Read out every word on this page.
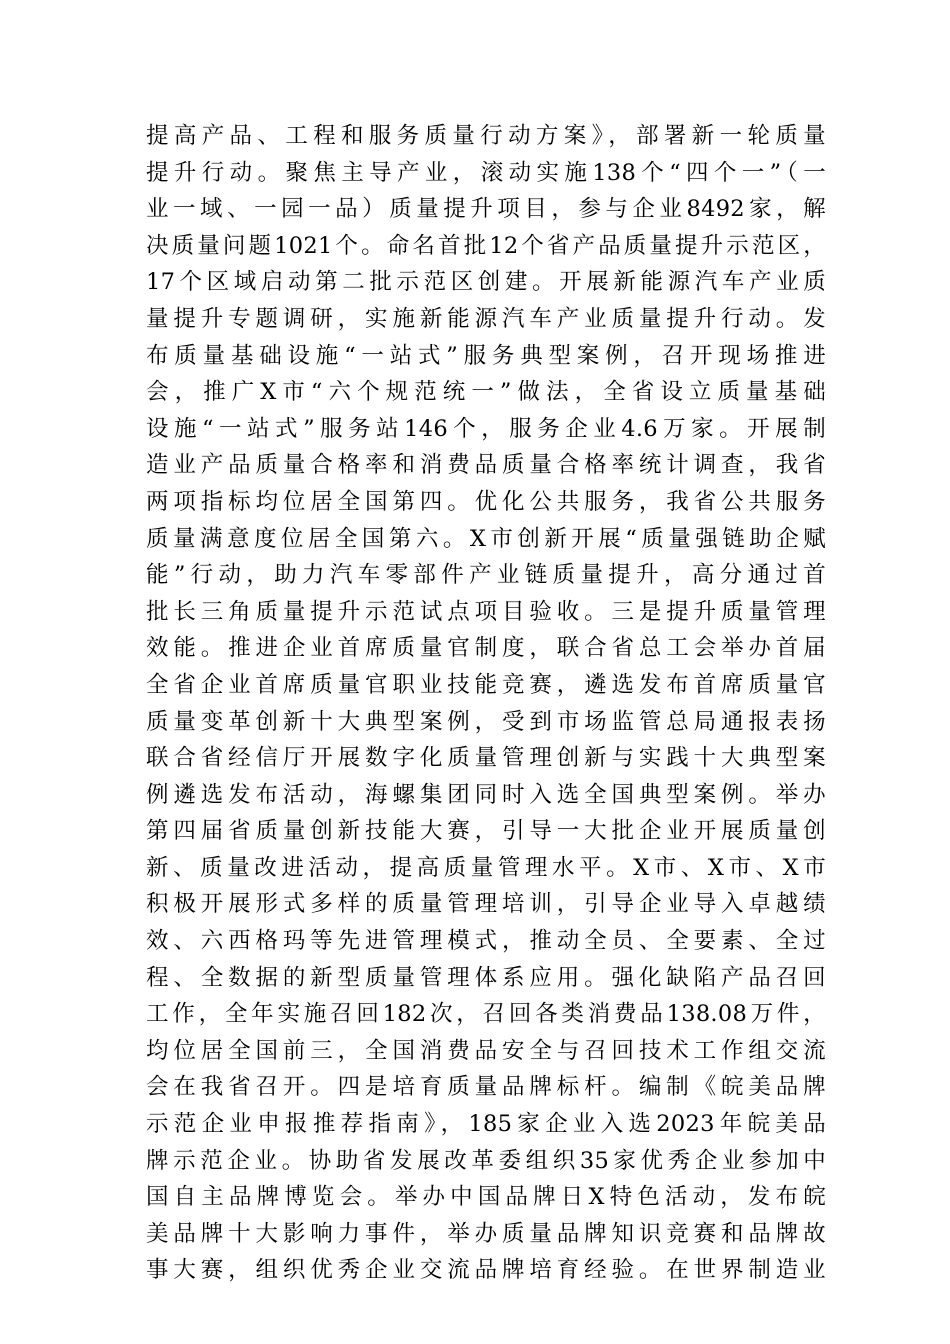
提高产品、工程和服务质量行动方案》，部署新一轮质量
提升行动。聚焦主导产业，滚动实施138个“四个一”（一
业一域、一园一品）质量提升项目，参与企业8492家，解
决质量问题1021个。命名首批12个省产品质量提升示范区，
17个区域启动第二批示范区创建。开展新能源汽车产业质
量提升专题调研，实施新能源汽车产业质量提升行动。发
布质量基础设施“一站式”服务典型案例，召开现场推进
会，推广X市“六个规范统一”做法，全省设立质量基础
设施“一站式”服务站146个，服务企业4.6万家。开展制
造业产品质量合格率和消费品质量合格率统计调查，我省
两项指标均位居全国第四。优化公共服务，我省公共服务
质量满意度位居全国第六。X市创新开展“质量强链助企赋
能”行动，助力汽车零部件产业链质量提升，高分通过首
批长三角质量提升示范试点项目验收。三是提升质量管理
效能。推进企业首席质量官制度，联合省总工会举办首届
全省企业首席质量官职业技能竞赛，遴选发布首席质量官
质量变革创新十大典型案例，受到市场监管总局通报表扬
联合省经信厅开展数字化质量管理创新与实践十大典型案
例遴选发布活动，海螺集团同时入选全国典型案例。举办
第四届省质量创新技能大赛，引导一大批企业开展质量创
新、质量改进活动，提高质量管理水平。X市、X市、X市
积极开展形式多样的质量管理培训，引导企业导入卓越绩
效、六西格玛等先进管理模式，推动全员、全要素、全过
程、全数据的新型质量管理体系应用。强化缺陷产品召回
工作，全年实施召回182次，召回各类消费品138.08万件，
均位居全国前三，全国消费品安全与召回技术工作组交流
会在我省召开。四是培育质量品牌标杆。编制《皖美品牌
示范企业申报推荐指南》，185家企业入选2023年皖美品
牌示范企业。协助省发展改革委组织35家优秀企业参加中
国自主品牌博览会。举办中国品牌日X特色活动，发布皖
美品牌十大影响力事件，举办质量品牌知识竞赛和品牌故
事大赛，组织优秀企业交流品牌培育经验。在世界制造业
